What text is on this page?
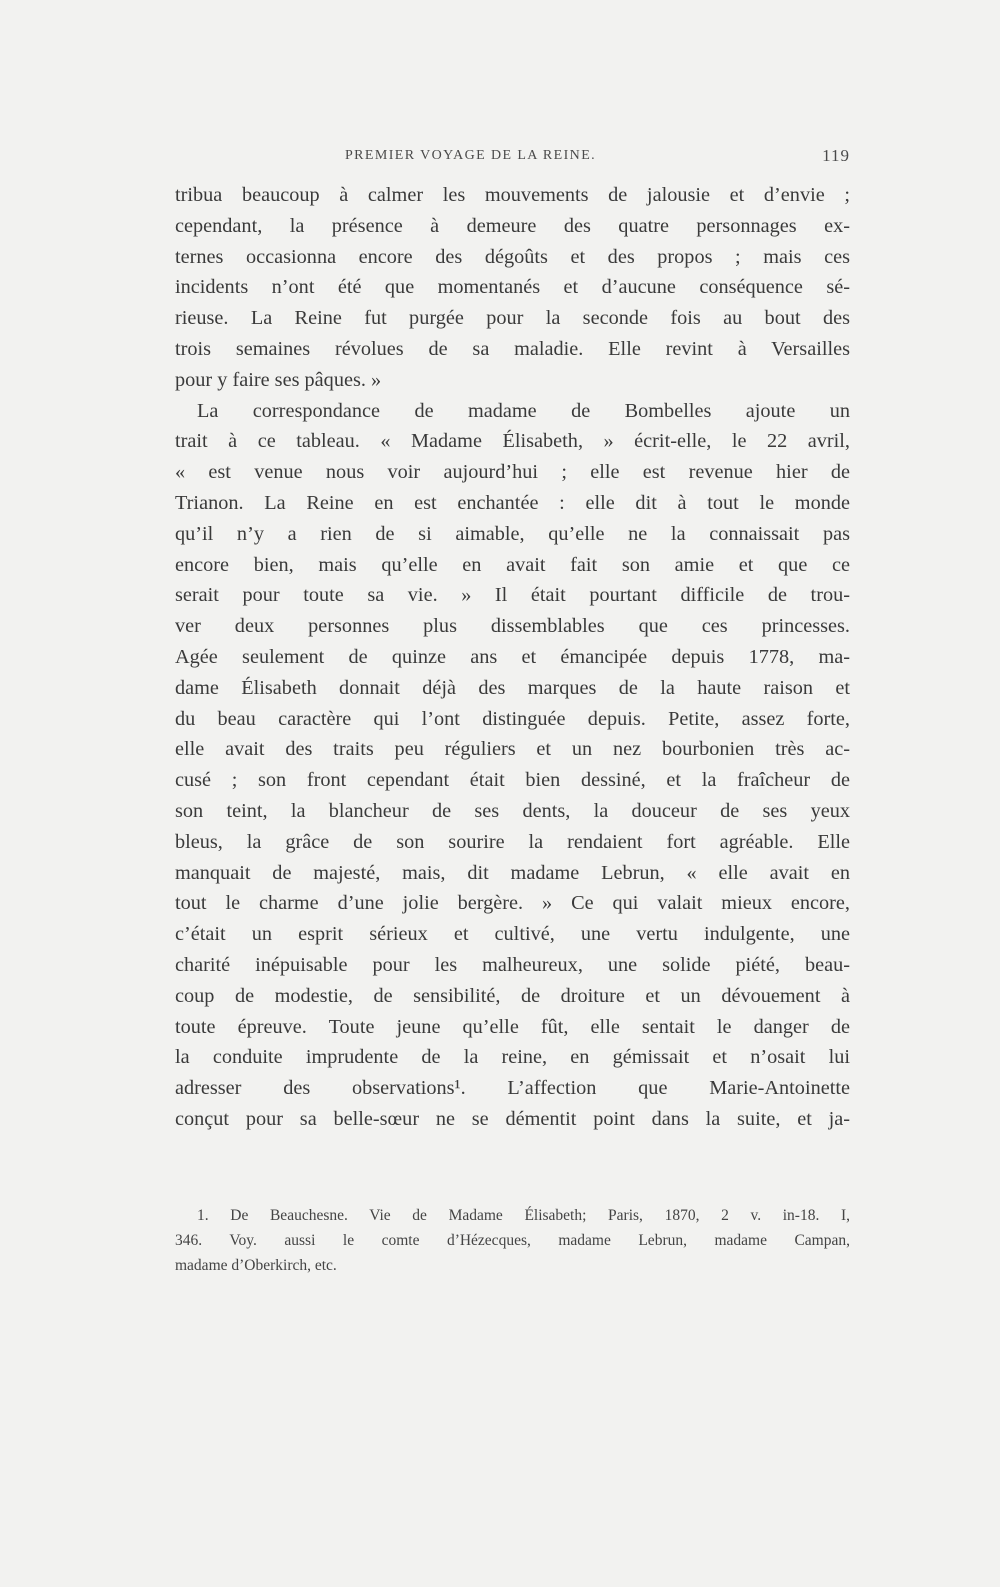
PREMIER VOYAGE DE LA REINE.	119
tribua beaucoup à calmer les mouvements de jalousie et d’envie ;
cependant, la présence à demeure des quatre personnages ex-
ternes occasionna encore des dégoûts et des propos ; mais ces
incidents n’ont été que momentanés et d’aucune conséquence sé-
rieuse. La Reine fut purgée pour la seconde fois au bout des
trois semaines révolues de sa maladie. Elle revint à Versailles
pour y faire ses pâques. »
La correspondance de madame de Bombelles ajoute un
trait à ce tableau. « Madame Élisabeth, » écrit-elle, le 22 avril,
« est venue nous voir aujourd’hui ; elle est revenue hier de
Trianon. La Reine en est enchantée : elle dit à tout le monde
qu’il n’y a rien de si aimable, qu’elle ne la connaissait pas
encore bien, mais qu’elle en avait fait son amie et que ce
serait pour toute sa vie. » Il était pourtant difficile de trou-
ver deux personnes plus dissemblables que ces princesses.
Agée seulement de quinze ans et émancipée depuis 1778, ma-
dame Élisabeth donnait déjà des marques de la haute raison et
du beau caractère qui l’ont distinguée depuis. Petite, assez forte,
elle avait des traits peu réguliers et un nez bourbonien très ac-
cusé ; son front cependant était bien dessiné, et la fraîcheur de
son teint, la blancheur de ses dents, la douceur de ses yeux
bleus, la grâce de son sourire la rendaient fort agréable. Elle
manquait de majesté, mais, dit madame Lebrun, « elle avait en
tout le charme d’une jolie bergère. » Ce qui valait mieux encore,
c’était un esprit sérieux et cultivé, une vertu indulgente, une
charité inépuisable pour les malheureux, une solide piété, beau-
coup de modestie, de sensibilité, de droiture et un dévouement à
toute épreuve. Toute jeune qu’elle fût, elle sentait le danger de
la conduite imprudente de la reine, en gémissait et n’osait lui
adresser des observations¹. L’affection que Marie-Antoinette
conçut pour sa belle-sœur ne se démentit point dans la suite, et ja-
1. De Beauchesne. Vie de Madame Élisabeth; Paris, 1870, 2 v. in-18. I,
346. Voy. aussi le comte d’Hézecques, madame Lebrun, madame Campan,
madame d’Oberkirch, etc.
